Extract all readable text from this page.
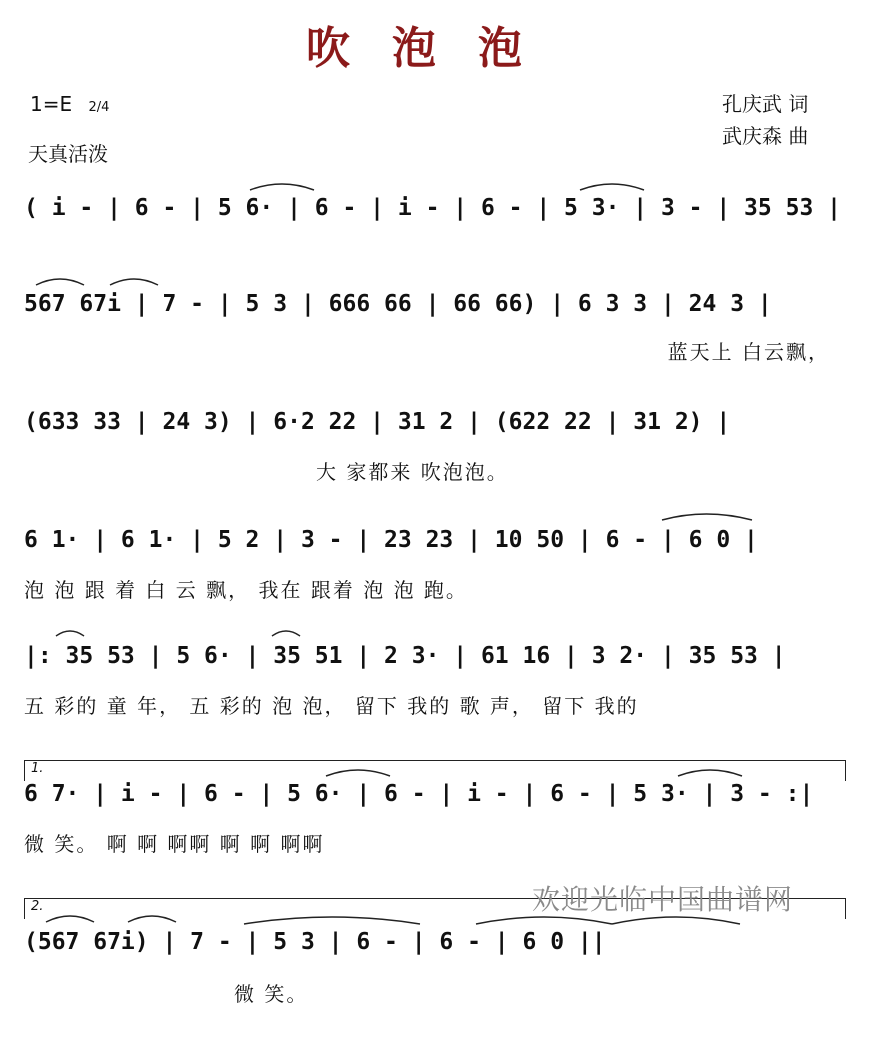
吹泡泡
1=E 2/4
天真活泼
孔庆武 词
武庆森 曲
( i - | 6 - | 5 6· | 6 - | i - | 6 - | 5 3· | 3 - | 35 53 |
567 67i | 7 - | 5 3 | 666 66 | 66 66) | 6 3 3 | 24 3 |
蓝天上 白云飘，
(633 33 | 24 3) | 6·2 22 | 31 2 | (622 22 | 31 2) |
大 家都来 吹泡泡。
6 1· | 6 1· | 5 2 | 3 - | 23 23 | 10 50 | 6 - | 6 0 |
泡 泡 跟 着 白 云 飘， 我在 跟着 泡 泡 跑。
|: 35 53 | 5 6· | 35 51 | 2 3· | 61 16 | 3 2· | 35 53 |
五 彩的 童 年， 五 彩的 泡 泡， 留下 我的 歌 声， 留下 我的
1.
6 7· | i - | 6 - | 5 6· | 6 - | i - | 6 - | 5 3· | 3 - :|
微 笑。 啊 啊 啊啊 啊 啊 啊啊
2.
(567 67i) | 7 - | 5 3 | 6 - | 6 - | 6 0 ||
微 笑。
欢迎光临中国曲谱网
